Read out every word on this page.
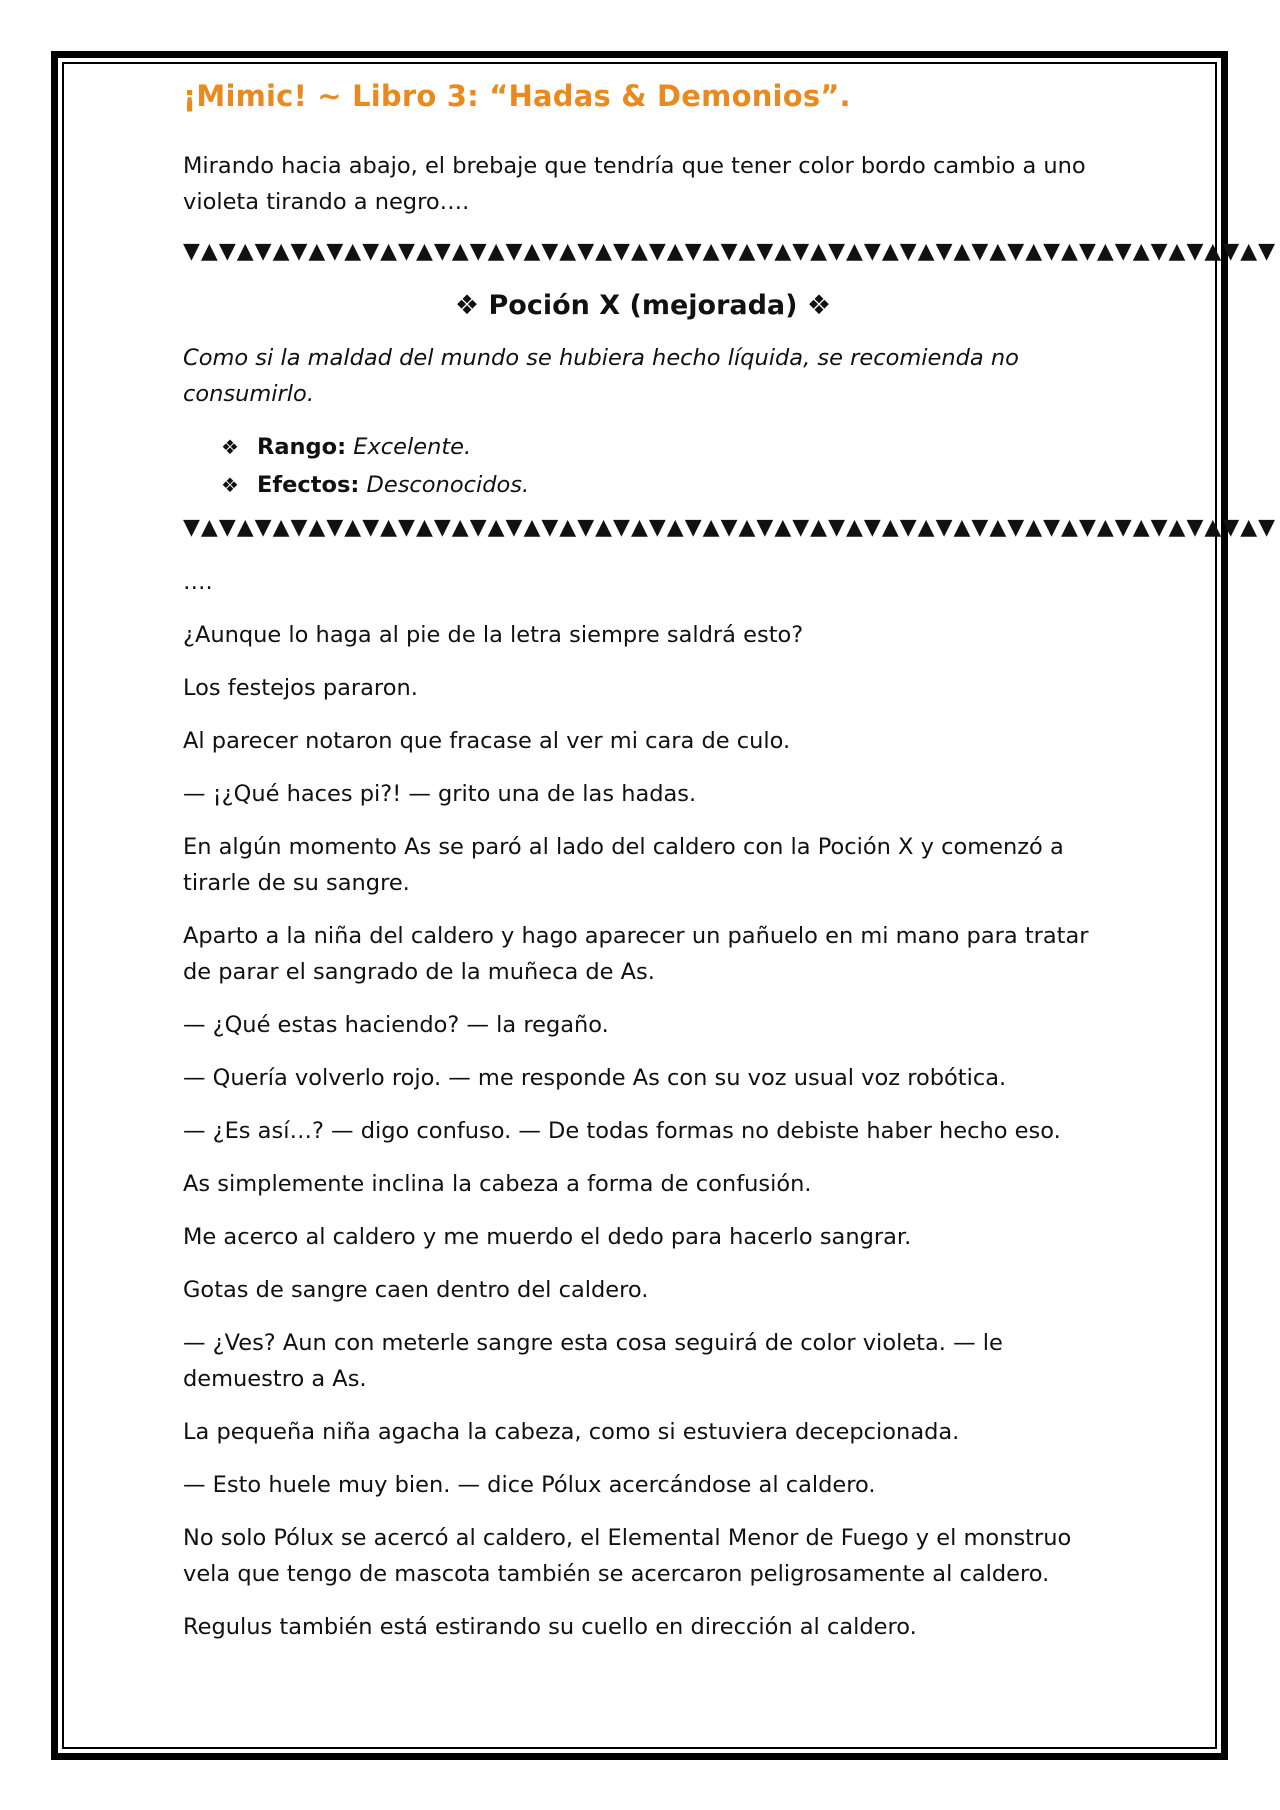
¡Mimic! ~ Libro 3: “Hadas & Demonios”.

Mirando hacia abajo, el brebaje que tendría que tener color bordo cambio a uno violeta tirando a negro….

▼▲▼▲▼▲▼▲▼▲▼▲▼▲▼▲▼▲▼▲▼▲▼▲▼▲▼▲▼▲▼▲▼▲▼▲▼▲▼▲▼▲▼▲▼▲▼▲▼▲▼▲▼▲▼▲▼▲▼▲▼
❖ Poción X (mejorada) ❖
Como si la maldad del mundo se hubiera hecho líquida, se recomienda no consumirlo.
❖ Rango: Excelente.
❖ Efectos: Desconocidos.
▼▲▼▲▼▲▼▲▼▲▼▲▼▲▼▲▼▲▼▲▼▲▼▲▼▲▼▲▼▲▼▲▼▲▼▲▼▲▼▲▼▲▼▲▼▲▼▲▼▲▼▲▼▲▼▲▼▲▼▲▼

….

¿Aunque lo haga al pie de la letra siempre saldrá esto?

Los festejos pararon.

Al parecer notaron que fracase al ver mi cara de culo.

— ¡¿Qué haces pi?! — grito una de las hadas.

En algún momento As se paró al lado del caldero con la Poción X y comenzó a tirarle de su sangre.

Aparto a la niña del caldero y hago aparecer un pañuelo en mi mano para tratar de parar el sangrado de la muñeca de As.

— ¿Qué estas haciendo? — la regaño.

— Quería volverlo rojo. — me responde As con su voz usual voz robótica.

— ¿Es así…? — digo confuso. — De todas formas no debiste haber hecho eso.

As simplemente inclina la cabeza a forma de confusión.

Me acerco al caldero y me muerdo el dedo para hacerlo sangrar.

Gotas de sangre caen dentro del caldero.

— ¿Ves? Aun con meterle sangre esta cosa seguirá de color violeta. — le demuestro a As.

La pequeña niña agacha la cabeza, como si estuviera decepcionada.

— Esto huele muy bien. — dice Pólux acercándose al caldero.

No solo Pólux se acercó al caldero, el Elemental Menor de Fuego y el monstruo vela que tengo de mascota también se acercaron peligrosamente al caldero.

Regulus también está estirando su cuello en dirección al caldero.
